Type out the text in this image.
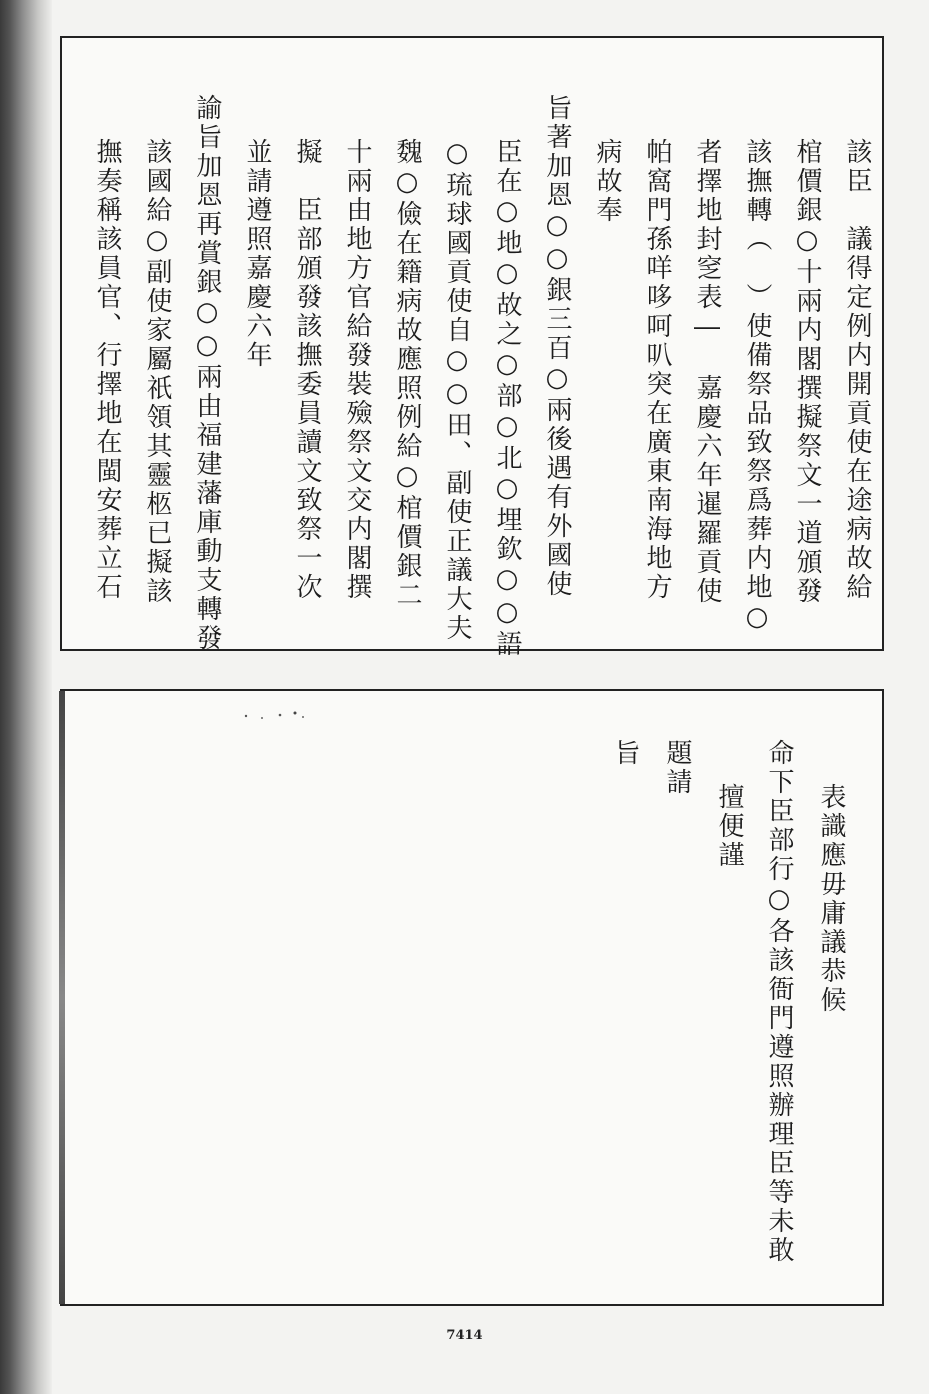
該臣　議得定例内開貢使在途病故給
棺價銀○十兩内閣撰擬祭文一道頒發
該撫轉（　）使備祭品致祭爲葬内地○
者擇地封窆表―　嘉慶六年暹羅貢使
帕窩門孫咩哆呵叭突在廣東南海地方
病故奉
旨著加恩○○銀三百○兩後遇有外國使
臣在○地○故之○部○北○埋欽○○語
○琉球國貢使自○○田、副使正議大夫
魏○儉在籍病故應照例給○棺價銀二
十兩由地方官給發裝殮祭文交内閣撰
擬　臣部頒發該撫委員讀文致祭一次
並請遵照嘉慶六年
諭旨加恩再賞銀○○兩由福建藩庫動支轉發
該國給○副使家屬祇領其靈柩已擬該
撫奏稱該員官、行擇地在閩安葬立石
表識應毋庸議恭候
命下臣部行○各該衙門遵照辦理臣等未敢
擅便謹
題請
旨
7414
